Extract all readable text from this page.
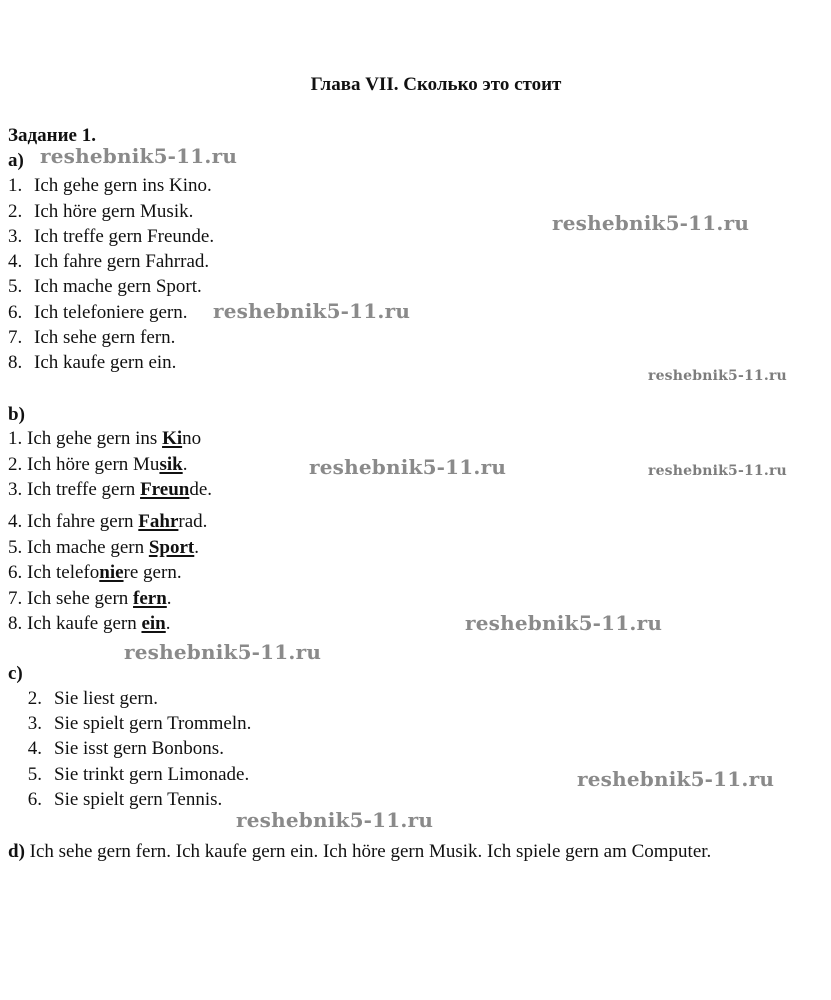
Глава VII. Сколько это стоит
Задание 1.
a)
1. Ich gehe gern ins Kino.
2. Ich höre gern Musik.
3. Ich treffe gern Freunde.
4. Ich fahre gern Fahrrad.
5. Ich mache gern Sport.
6. Ich telefoniere gern.
7. Ich sehe gern fern.
8. Ich kaufe gern ein.
b)
1. Ich gehe gern ins Kino
2. Ich höre gern Musik.
3. Ich treffe gern Freunde.
4. Ich fahre gern Fahrrad.
5. Ich mache gern Sport.
6. Ich telefoniere gern.
7. Ich sehe gern fern.
8. Ich kaufe gern ein.
c)
2. Sie liest gern.
3. Sie spielt gern Trommeln.
4. Sie isst gern Bonbons.
5. Sie trinkt gern Limonade.
6. Sie spielt gern Tennis.
d) Ich sehe gern fern. Ich kaufe gern ein. Ich höre gern Musik. Ich spiele gern am Computer.
reshebnik5-11.ru
reshebnik5-11.ru
reshebnik5-11.ru
reshebnik5-11.ru
reshebnik5-11.ru	reshebnik5-11.ru
reshebnik5-11.ru
reshebnik5-11.ru
reshebnik5-11.ru
reshebnik5-11.ru
